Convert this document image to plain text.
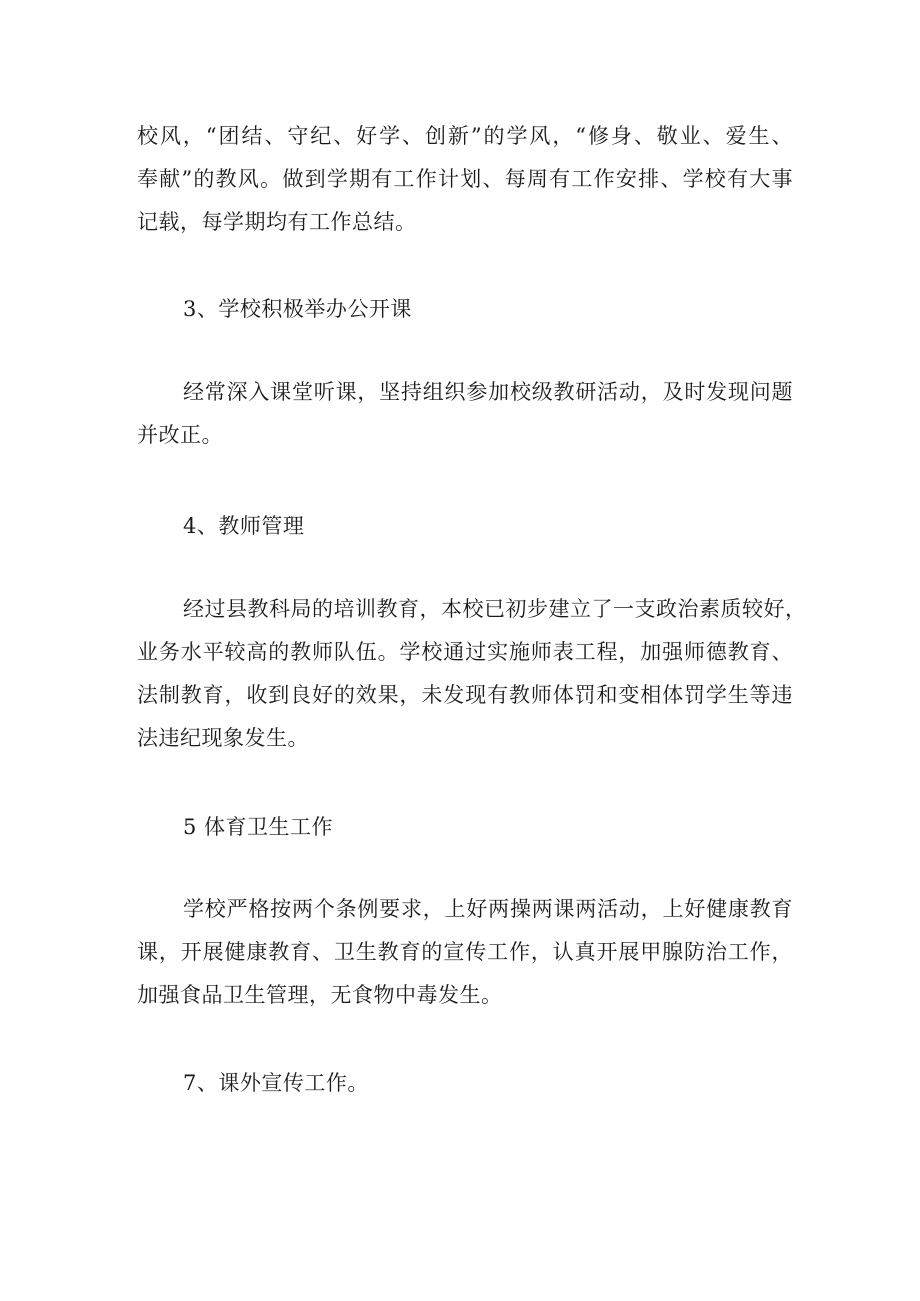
校风，“团结、守纪、好学、创新”的学风，“修身、敬业、爱生、
奉献”的教风。做到学期有工作计划、每周有工作安排、学校有大事
记载，每学期均有工作总结。
3、学校积极举办公开课
经常深入课堂听课，坚持组织参加校级教研活动，及时发现问题
并改正。
4、教师管理
经过县教科局的培训教育，本校已初步建立了一支政治素质较好，
业务水平较高的教师队伍。学校通过实施师表工程，加强师德教育、
法制教育，收到良好的效果，未发现有教师体罚和变相体罚学生等违
法违纪现象发生。
5 体育卫生工作
学校严格按两个条例要求，上好两操两课两活动，上好健康教育
课，开展健康教育、卫生教育的宣传工作，认真开展甲腺防治工作，
加强食品卫生管理，无食物中毒发生。
7、课外宣传工作。
